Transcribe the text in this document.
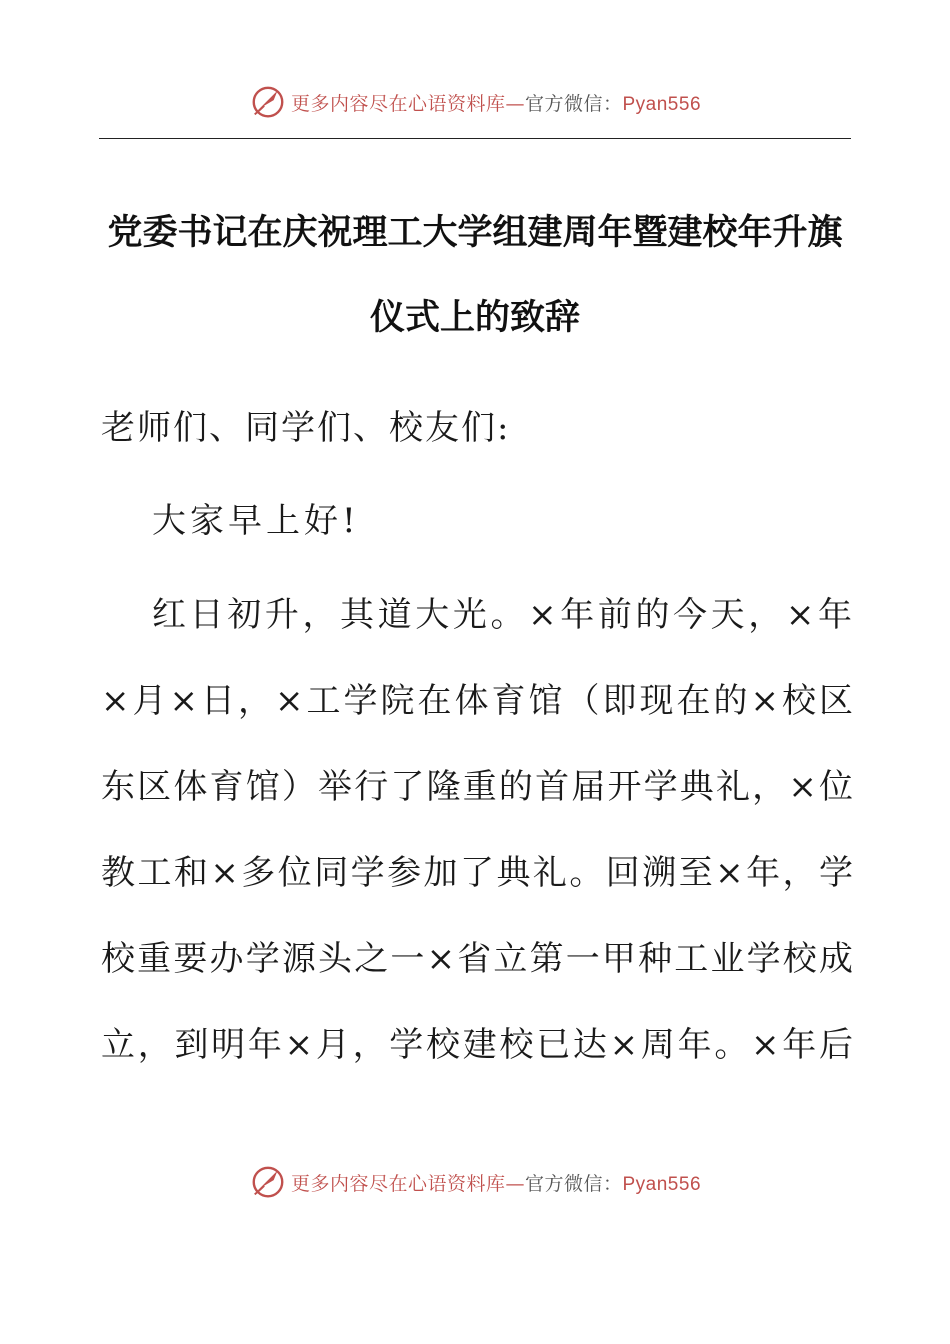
更多内容尽在心语资料库—官方微信：Pyan556
党委书记在庆祝理工大学组建周年暨建校年升旗
仪式上的致辞
老师们、同学们、校友们:
大家早上好!
红日初升，其道大光。×年前的今天，×年
×月×日，×工学院在体育馆（即现在的×校区
东区体育馆）举行了隆重的首届开学典礼，×位
教工和×多位同学参加了典礼。回溯至×年，学
校重要办学源头之一×省立第一甲种工业学校成
立，到明年×月，学校建校已达×周年。×年后
更多内容尽在心语资料库—官方微信：Pyan556
